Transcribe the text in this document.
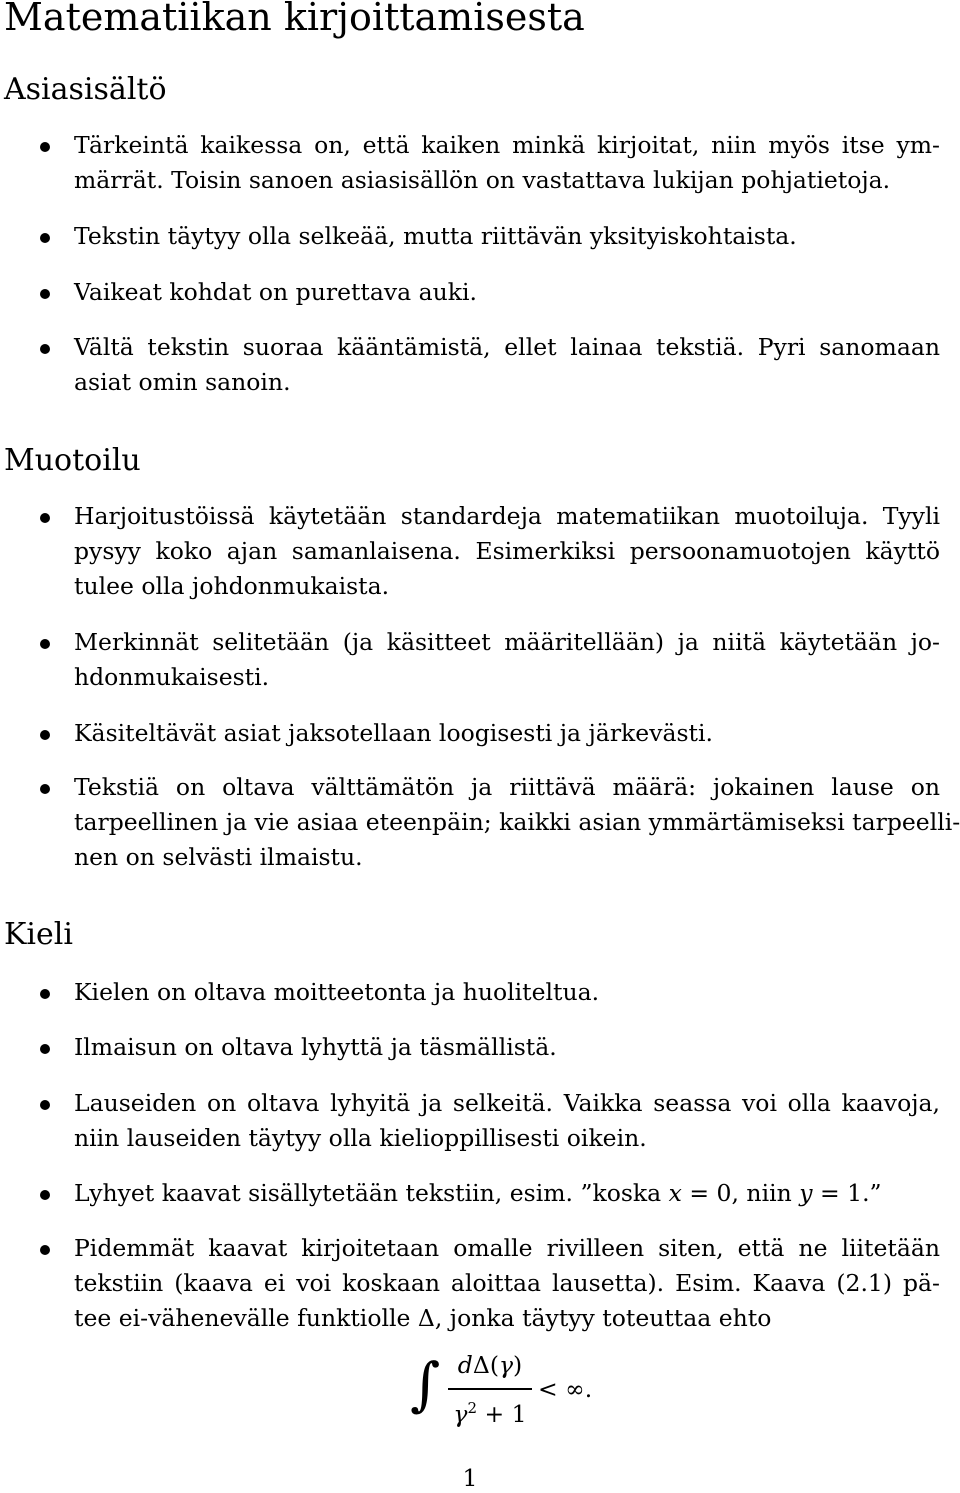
Matematiikan kirjoittamisesta
Asiasisältö
Tärkeintä kaikessa on, että kaiken minkä kirjoitat, niin myös itse ym-
märrät. Toisin sanoen asiasisällön on vastattava lukijan pohjatietoja.
Tekstin täytyy olla selkeää, mutta riittävän yksityiskohtaista.
Vaikeat kohdat on purettava auki.
Vältä tekstin suoraa kääntämistä, ellet lainaa tekstiä. Pyri sanomaan
asiat omin sanoin.
Muotoilu
Harjoitustöissä käytetään standardeja matematiikan muotoiluja. Tyyli
pysyy koko ajan samanlaisena. Esimerkiksi persoonamuotojen käyttö
tulee olla johdonmukaista.
Merkinnät selitetään (ja käsitteet määritellään) ja niitä käytetään jo-
hdonmukaisesti.
Käsiteltävät asiat jaksotellaan loogisesti ja järkevästi.
Tekstiä on oltava välttämätön ja riittävä määrä: jokainen lause on
tarpeellinen ja vie asiaa eteenpäin; kaikki asian ymmärtämiseksi tarpeelli-
nen on selvästi ilmaistu.
Kieli
Kielen on oltava moitteetonta ja huoliteltua.
Ilmaisun on oltava lyhyttä ja täsmällistä.
Lauseiden on oltava lyhyitä ja selkeitä. Vaikka seassa voi olla kaavoja,
niin lauseiden täytyy olla kielioppillisesti oikein.
Lyhyet kaavat sisällytetään tekstiin, esim. ”koska x = 0, niin y = 1.”
Pidemmät kaavat kirjoitetaan omalle rivilleen siten, että ne liitetään
tekstiin (kaava ei voi koskaan aloittaa lausetta). Esim. Kaava (2.1) pä-
tee ei-vähenevälle funktiolle Δ, jonka täytyy toteuttaa ehto
∫ dΔ(γ)
$\gamma^2 + 1$
< ∞.
1
